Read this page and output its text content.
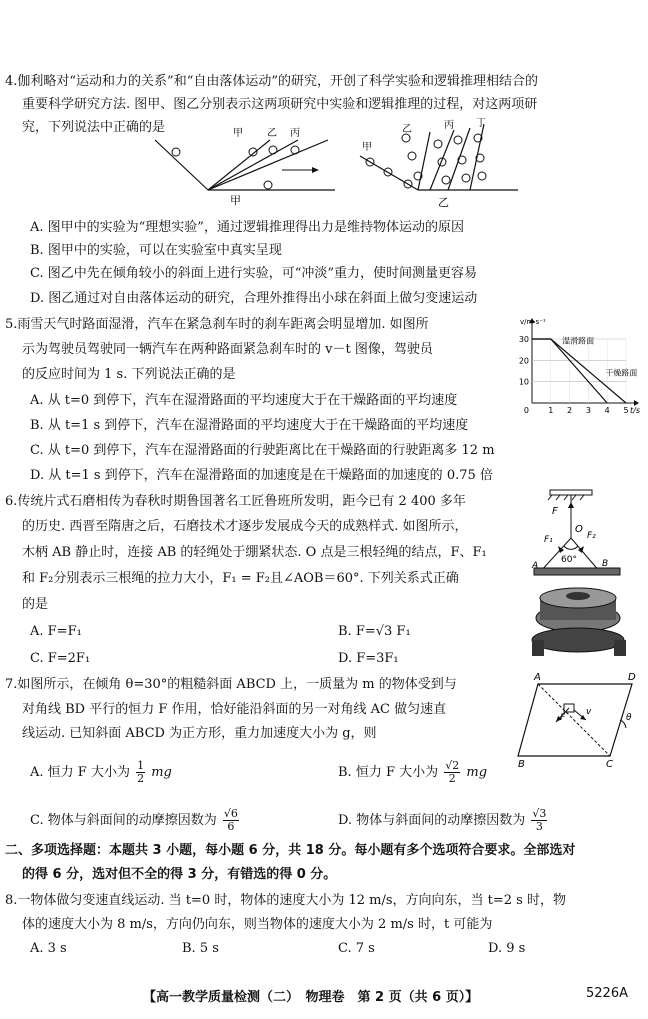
4.伽利略对“运动和力的关系”和“自由落体运动”的研究，开创了科学实验和逻辑推理相结合的
重要科学研究方法. 图甲、图乙分别表示这两项研究中实验和逻辑推理的过程，对这两项研
究，下列说法中正确的是	甲 乙 丙
甲
甲
乙	丙 丁
乙
A. 图甲中的实验为“理想实验”，通过逻辑推理得出力是维持物体运动的原因
B. 图甲中的实验，可以在实验室中真实呈现
C. 图乙中先在倾角较小的斜面上进行实验，可“冲淡”重力，使时间测量更容易
D. 图乙通过对自由落体运动的研究，合理外推得出小球在斜面上做匀变速运动
5.雨雪天气时路面湿滑，汽车在紧急刹车时的刹车距离会明显增加. 如图所
示为驾驶员驾驶同一辆汽车在两种路面紧急刹车时的 v－t 图像，驾驶员
的反应时间为 1 s. 下列说法正确的是
A. 从 t=0 到停下，汽车在湿滑路面的平均速度大于在干燥路面的平均速度
B. 从 t=1 s 到停下，汽车在湿滑路面的平均速度大于在干燥路面的平均速度
C. 从 t=0 到停下，汽车在湿滑路面的行驶距离比在干燥路面的行驶距离多 12 m
D. 从 t=1 s 到停下，汽车在湿滑路面的加速度是在干燥路面的加速度的 0.75 倍
10
20
30
1 2 3 4 5
0
湿滑路面
干燥路面
v/m·s⁻¹
t/s
6.传统片式石磨相传为春秋时期鲁国著名工匠鲁班所发明，距今已有 2 400 多年
的历史. 西晋至隋唐之后，石磨技术才逐步发展成今天的成熟样式. 如图所示，
木柄 AB 静止时，连接 AB 的轻绳处于绷紧状态. O 点是三根轻绳的结点，F、F₁
和 F₂分别表示三根绳的拉力大小，F₁ = F₂且∠AOB＝60°. 下列关系式正确
的是
A. F=F₁	B. F=√3 F₁
C. F=2F₁	D. F=3F₁
F
O
F₁	F₂
60°
A	B
7.如图所示，在倾角 θ=30°的粗糙斜面 ABCD 上，一质量为 m 的物体受到与
对角线 BD 平行的恒力 F 作用，恰好能沿斜面的另一对角线 AC 做匀速直
线运动. 已知斜面 ABCD 为正方形，重力加速度大小为 g，则
A. 恒力 F 大小为 $\frac{1}{2}$ mg	B. 恒力 F 大小为 $\frac{√2}{2}$ mg
C. 物体与斜面间的动摩擦因数为 $\frac{√6}{6}$	D. 物体与斜面间的动摩擦因数为 $\frac{√3}{3}$
A	D
B	C
F
v
θ
二、多项选择题：本题共 3 小题，每小题 6 分，共 18 分。每小题有多个选项符合要求。全部选对
的得 6 分，选对但不全的得 3 分，有错选的得 0 分。
8.一物体做匀变速直线运动. 当 t=0 时，物体的速度大小为 12 m/s，方向向东，当 t=2 s 时，物
体的速度大小为 8 m/s，方向仍向东，则当物体的速度大小为 2 m/s 时，t 可能为
A. 3 s	B. 5 s	C. 7 s	D. 9 s
【高一教学质量检测（二）　物理卷　第 2 页（共 6 页）】	5226A
